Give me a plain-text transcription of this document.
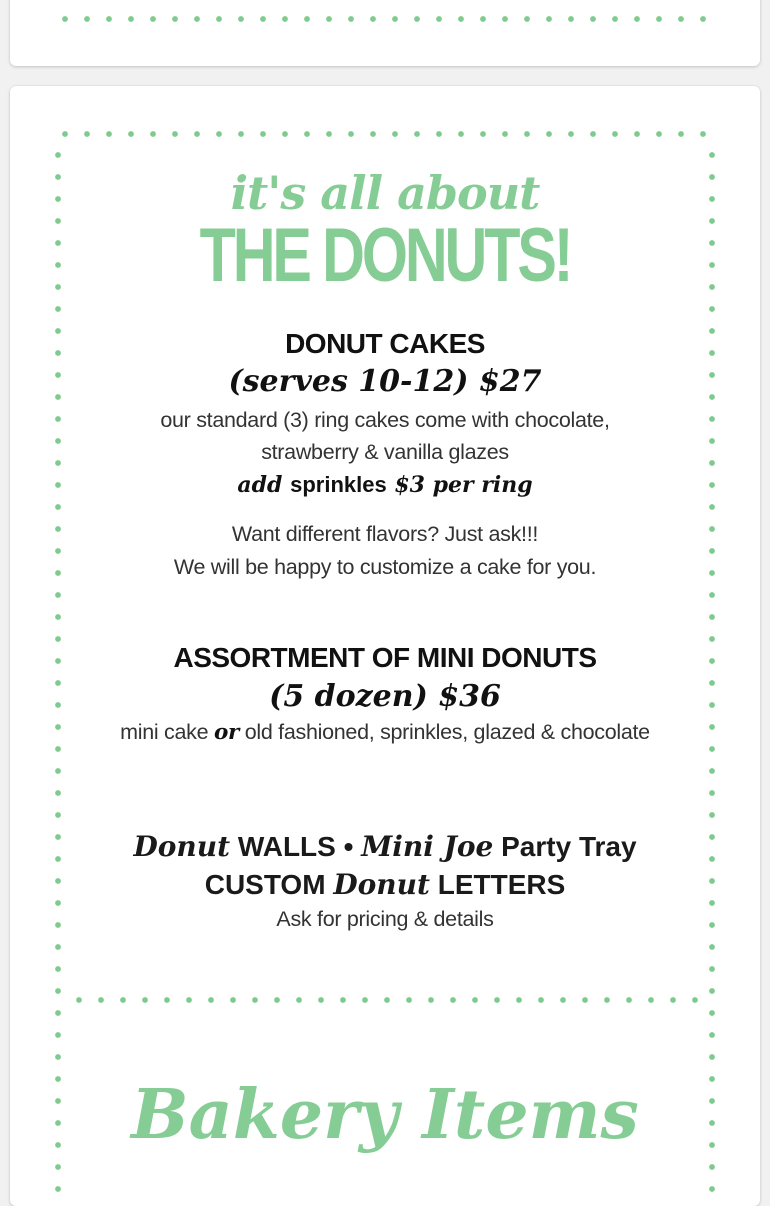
it's all about
THE DONUTS!
DONUT CAKES
(serves 10-12) $27
our standard (3) ring cakes come with chocolate,
strawberry & vanilla glazes
add sprinkles $3 per ring
Want different flavors? Just ask!!!
We will be happy to customize a cake for you.
ASSORTMENT OF MINI DONUTS
(5 dozen) $36
mini cake or old fashioned, sprinkles, glazed & chocolate
Donut WALLS • Mini Joe Party Tray
CUSTOM Donut LETTERS
Ask for pricing & details
Bakery Items
